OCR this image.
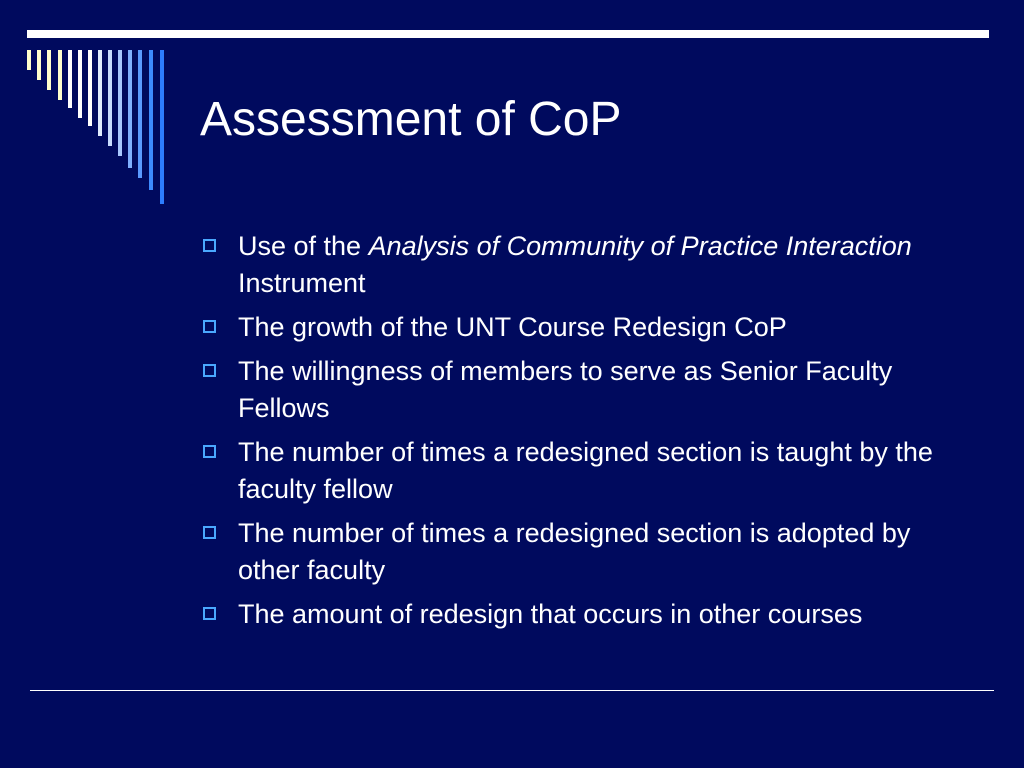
Assessment of CoP
Use of the Analysis of Community of Practice Interaction Instrument
The growth of the UNT Course Redesign CoP
The willingness of members to serve as Senior Faculty Fellows
The number of times a redesigned section is taught by the faculty fellow
The number of times a redesigned section is adopted by other faculty
The amount of redesign that occurs in other courses
